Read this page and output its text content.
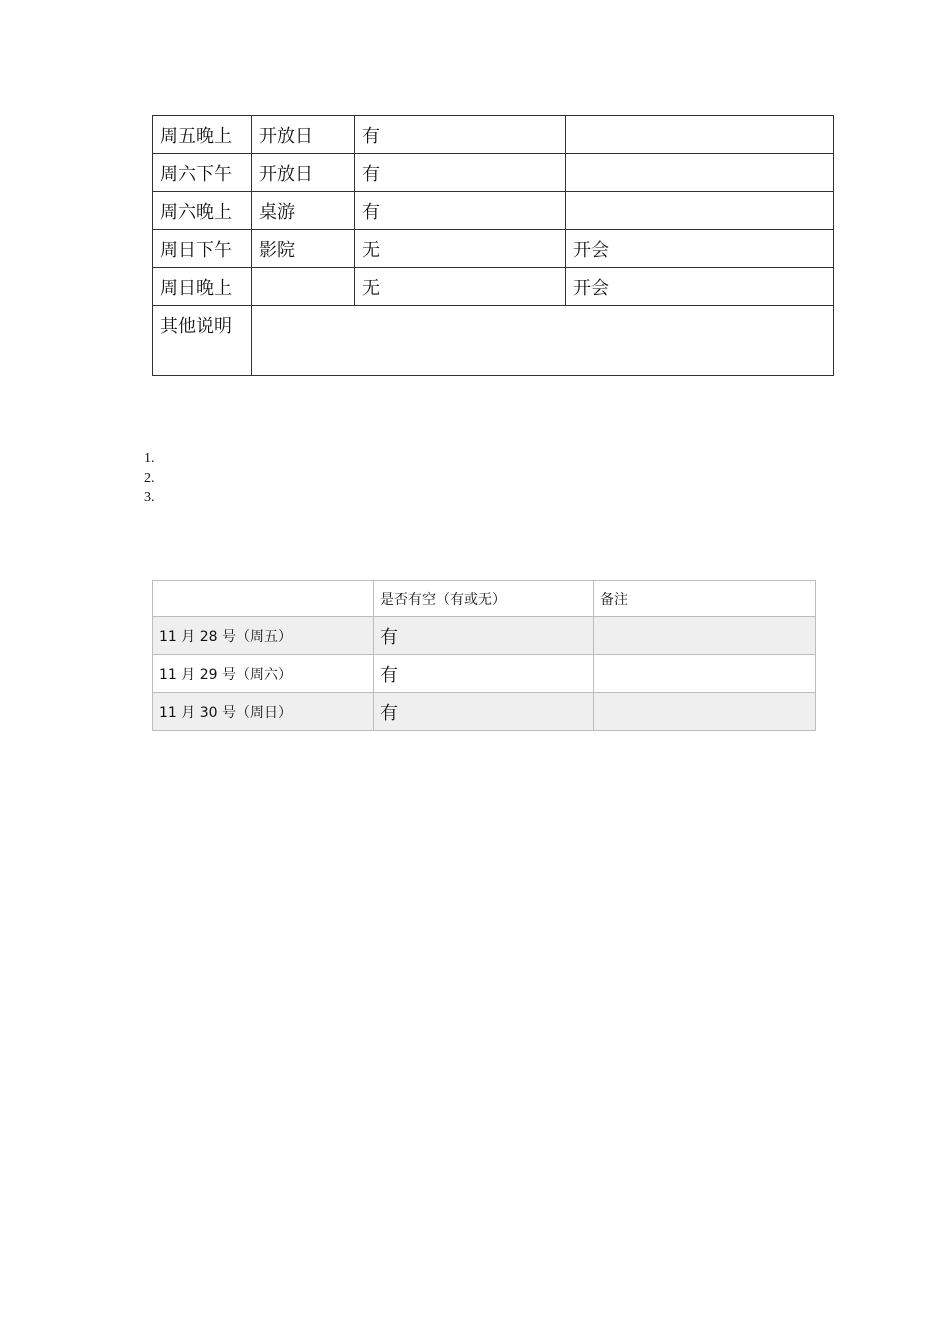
周五晚上	开放日	有	
周六下午	开放日	有	
周六晚上	桌游	有	
周日下午	影院	无	开会
周日晚上		无	开会
其他说明			
1.
2.
3.
	是否有空（有或无）	备注
11 月 28 号（周五）	有	
11 月 29 号（周六）	有	
11 月 30 号（周日）	有	
